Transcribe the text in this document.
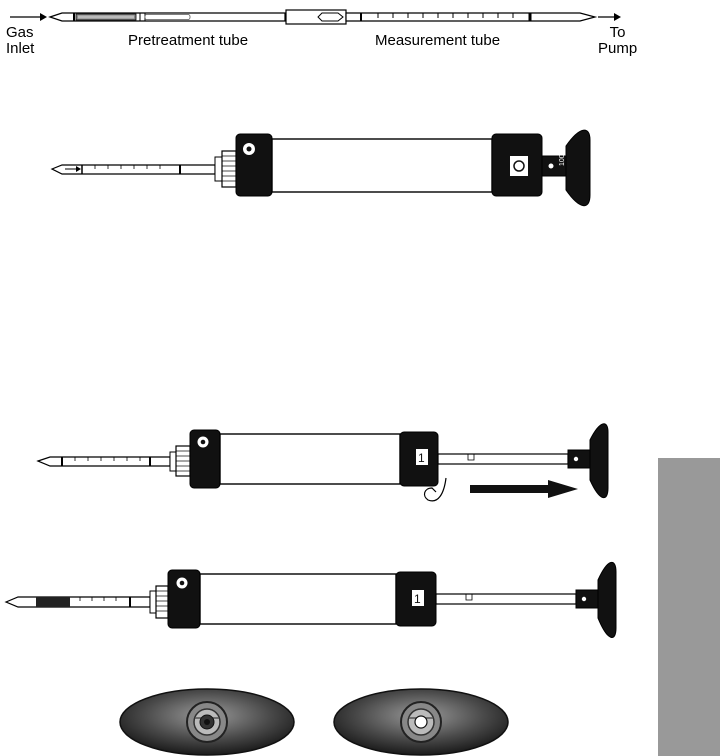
Gas
Inlet	Pretreatment tube	Measurement tube	To
Pump
100
1
1
